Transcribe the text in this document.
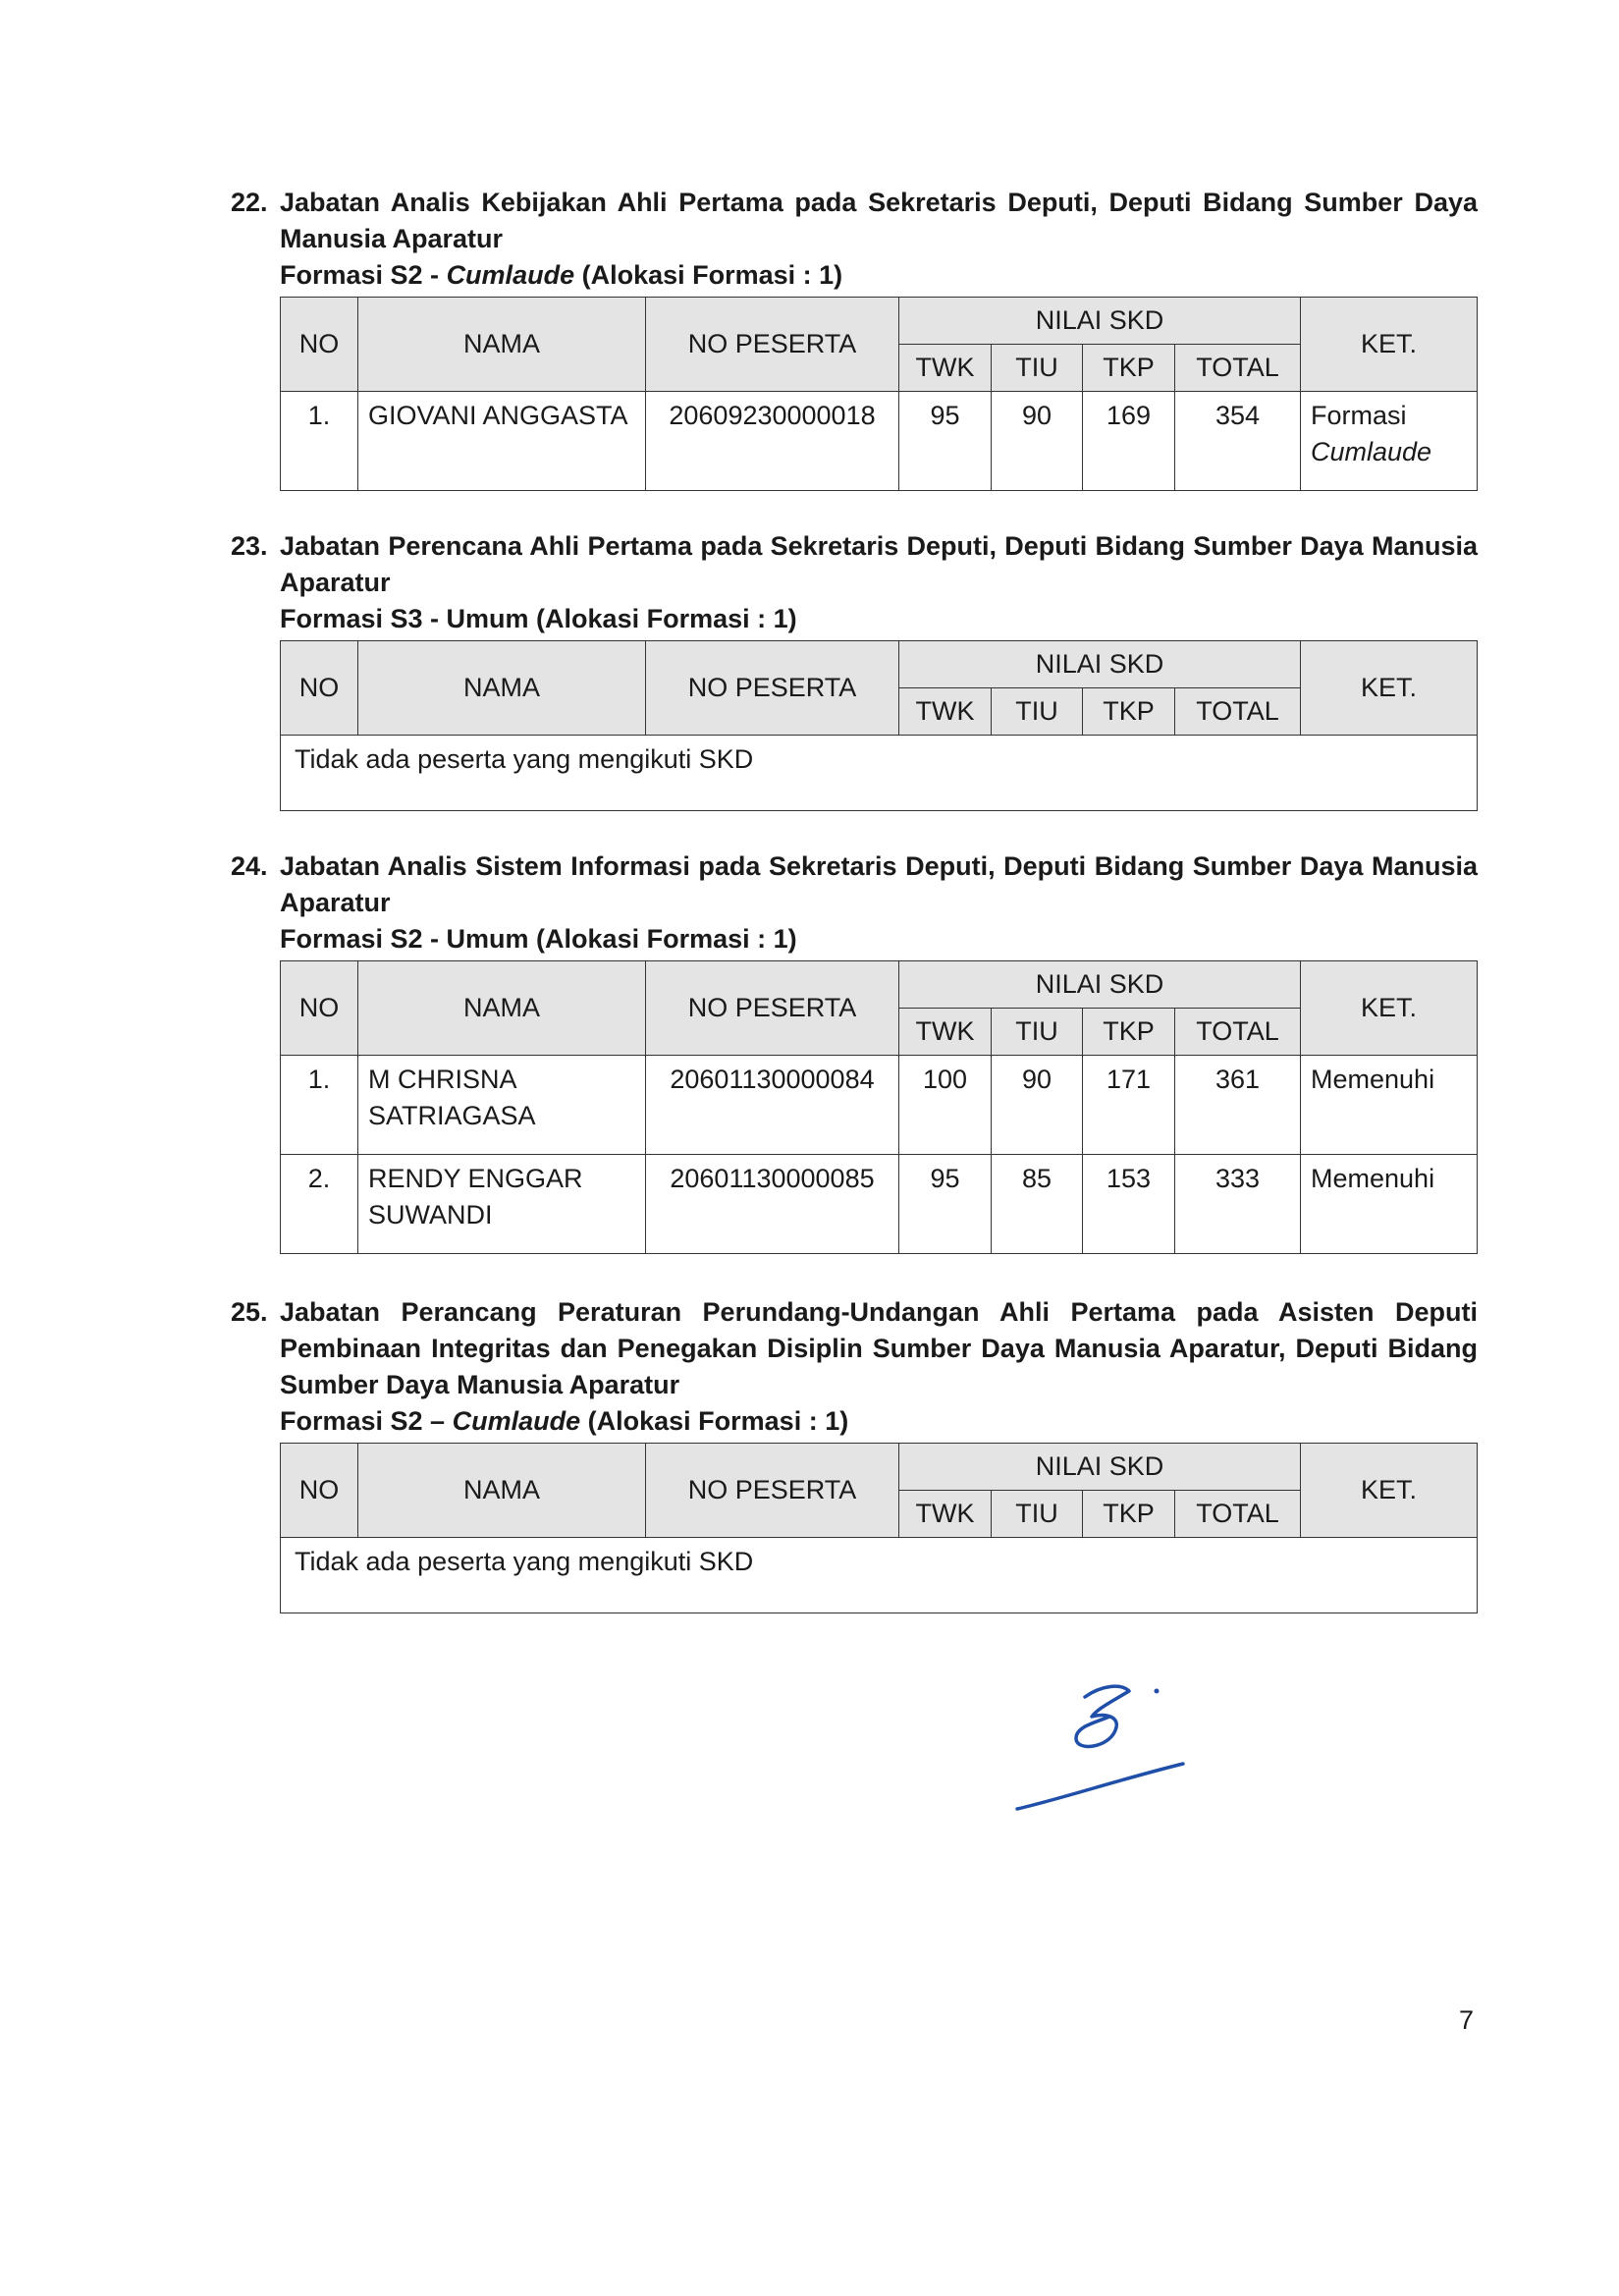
22. Jabatan Analis Kebijakan Ahli Pertama pada Sekretaris Deputi, Deputi Bidang Sumber Daya Manusia Aparatur
Formasi S2 - Cumlaude (Alokasi Formasi : 1)
NO	NAMA	NO PESERTA	NILAI SKD				KET.
			TWK	TIU	TKP	TOTAL	
1.	GIOVANI ANGGASTA	20609230000018	95	90	169	354	Formasi
Cumlaude
23. Jabatan Perencana Ahli Pertama pada Sekretaris Deputi, Deputi Bidang Sumber Daya Manusia Aparatur
Formasi S3 - Umum (Alokasi Formasi : 1)
NO	NAMA	NO PESERTA	NILAI SKD				KET.
			TWK	TIU	TKP	TOTAL	
Tidak ada peserta yang mengikuti SKD							
24. Jabatan Analis Sistem Informasi pada Sekretaris Deputi, Deputi Bidang Sumber Daya Manusia Aparatur
Formasi S2 - Umum (Alokasi Formasi : 1)
NO	NAMA	NO PESERTA	NILAI SKD				KET.
			TWK	TIU	TKP	TOTAL	
1.	M CHRISNA SATRIAGASA	20601130000084	100	90	171	361	Memenuhi
2.	RENDY ENGGAR SUWANDI	20601130000085	95	85	153	333	Memenuhi
25. Jabatan Perancang Peraturan Perundang-Undangan Ahli Pertama pada Asisten Deputi Pembinaan Integritas dan Penegakan Disiplin Sumber Daya Manusia Aparatur, Deputi Bidang Sumber Daya Manusia Aparatur
Formasi S2 – Cumlaude (Alokasi Formasi : 1)
NO	NAMA	NO PESERTA	NILAI SKD				KET.
			TWK	TIU	TKP	TOTAL	
Tidak ada peserta yang mengikuti SKD							
7
